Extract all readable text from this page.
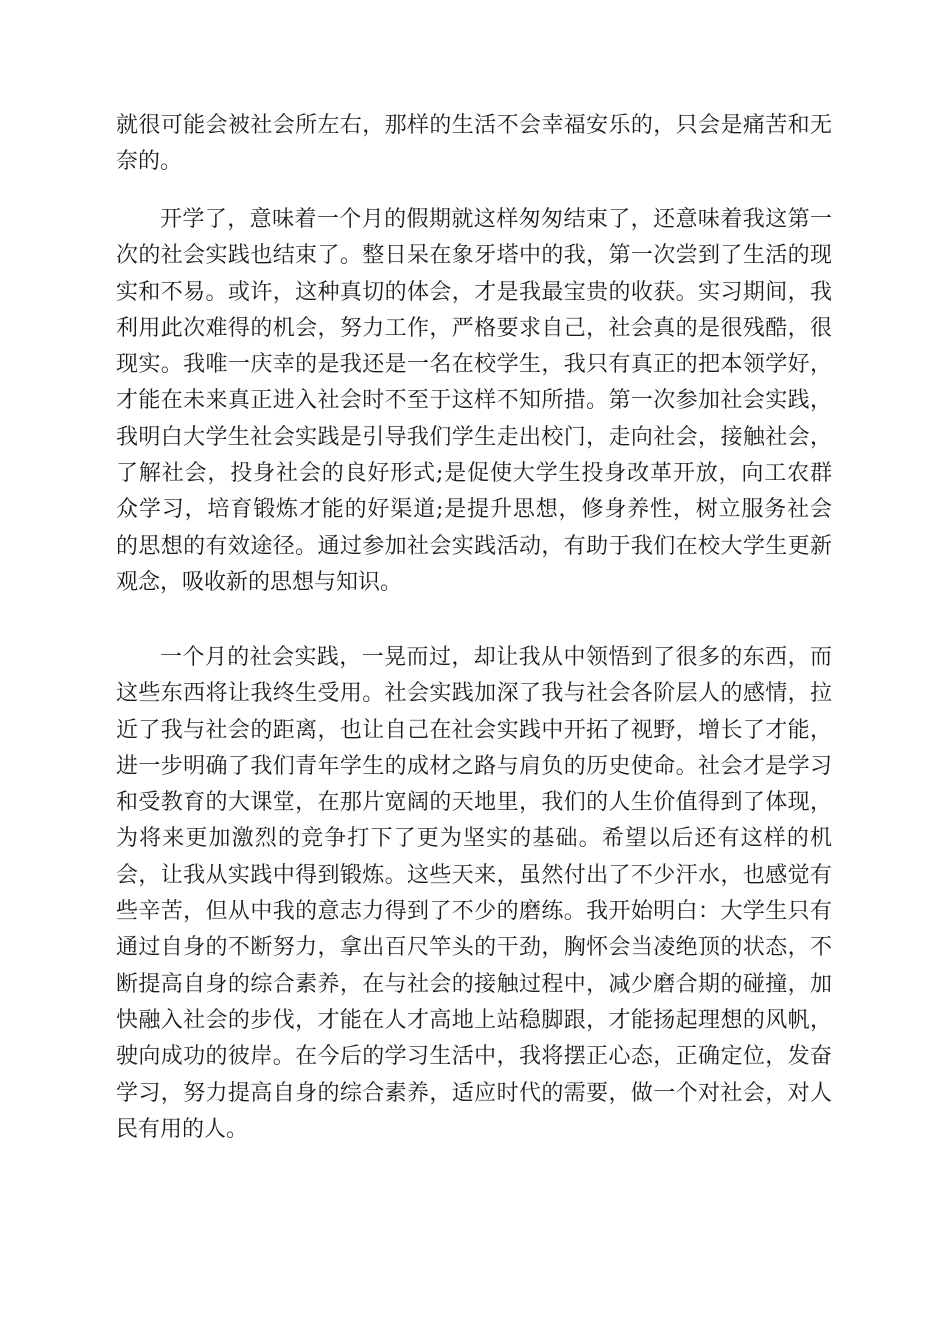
就很可能会被社会所左右，那样的生活不会幸福安乐的，只会是痛苦和无
奈的。
开学了，意味着一个月的假期就这样匆匆结束了，还意味着我这第一
次的社会实践也结束了。整日呆在象牙塔中的我，第一次尝到了生活的现
实和不易。或许，这种真切的体会，才是我最宝贵的收获。实习期间，我
利用此次难得的机会，努力工作，严格要求自己，社会真的是很残酷，很
现实。我唯一庆幸的是我还是一名在校学生，我只有真正的把本领学好，
才能在未来真正进入社会时不至于这样不知所措。第一次参加社会实践，
我明白大学生社会实践是引导我们学生走出校门，走向社会，接触社会，
了解社会，投身社会的良好形式;是促使大学生投身改革开放，向工农群
众学习，培育锻炼才能的好渠道;是提升思想，修身养性，树立服务社会
的思想的有效途径。通过参加社会实践活动，有助于我们在校大学生更新
观念，吸收新的思想与知识。
一个月的社会实践，一晃而过，却让我从中领悟到了很多的东西，而
这些东西将让我终生受用。社会实践加深了我与社会各阶层人的感情，拉
近了我与社会的距离，也让自己在社会实践中开拓了视野，增长了才能，
进一步明确了我们青年学生的成材之路与肩负的历史使命。社会才是学习
和受教育的大课堂，在那片宽阔的天地里，我们的人生价值得到了体现，
为将来更加激烈的竞争打下了更为坚实的基础。希望以后还有这样的机
会，让我从实践中得到锻炼。这些天来，虽然付出了不少汗水，也感觉有
些辛苦，但从中我的意志力得到了不少的磨练。我开始明白：大学生只有
通过自身的不断努力，拿出百尺竿头的干劲，胸怀会当凌绝顶的状态，不
断提高自身的综合素养，在与社会的接触过程中，减少磨合期的碰撞，加
快融入社会的步伐，才能在人才高地上站稳脚跟，才能扬起理想的风帆，
驶向成功的彼岸。在今后的学习生活中，我将摆正心态，正确定位，发奋
学习，努力提高自身的综合素养，适应时代的需要，做一个对社会，对人
民有用的人。
